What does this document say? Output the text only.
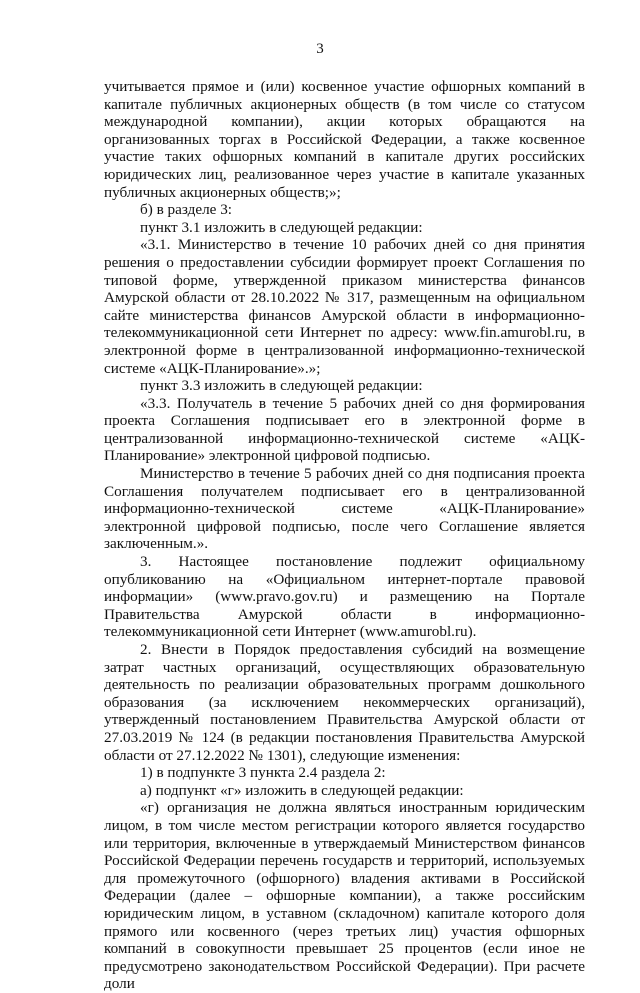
3

учитывается прямое и (или) косвенное участие офшорных компаний в капитале публичных акционерных обществ (в том числе со статусом международной компании), акции которых обращаются на организованных торгах в Российской Федерации, а также косвенное участие таких офшорных компаний в капитале других российских юридических лиц, реализованное через участие в капитале указанных публичных акционерных обществ;»;

б) в разделе 3:

пункт 3.1 изложить в следующей редакции:

«3.1. Министерство в течение 10 рабочих дней со дня принятия решения о предоставлении субсидии формирует проект Соглашения по типовой форме, утвержденной приказом министерства финансов Амурской области от 28.10.2022 № 317, размещенным на официальном сайте министерства финансов Амурской области в информационно-телекоммуникационной сети Интернет по адресу: www.fin.amurobl.ru, в электронной форме в централизованной информационно-технической системе «АЦК-Планирование».»;

пункт 3.3 изложить в следующей редакции:

«3.3. Получатель в течение 5 рабочих дней со дня формирования проекта Соглашения подписывает его в электронной форме в централизованной информационно-технической системе «АЦК-Планирование» электронной цифровой подписью.

Министерство в течение 5 рабочих дней со дня подписания проекта Соглашения получателем подписывает его в централизованной информационно-технической системе «АЦК-Планирование» электронной цифровой подписью, после чего Соглашение является заключенным.».

3. Настоящее постановление подлежит официальному опубликованию на «Официальном интернет-портале правовой информации» (www.pravo.gov.ru) и размещению на Портале Правительства Амурской области в информационно-телекоммуникационной сети Интернет (www.amurobl.ru).

2. Внести в Порядок предоставления субсидий на возмещение затрат частных организаций, осуществляющих образовательную деятельность по реализации образовательных программ дошкольного образования (за исключением некоммерческих организаций), утвержденный постановлением Правительства Амурской области от 27.03.2019 № 124 (в редакции постановления Правительства Амурской области от 27.12.2022 № 1301), следующие изменения:

1) в подпункте 3 пункта 2.4 раздела 2:

а) подпункт «г» изложить в следующей редакции:

«г) организация не должна являться иностранным юридическим лицом, в том числе местом регистрации которого является государство или территория, включенные в утверждаемый Министерством финансов Российской Федерации перечень государств и территорий, используемых для промежуточного (офшорного) владения активами в Российской Федерации (далее – офшорные компании), а также российским юридическим лицом, в уставном (складочном) капитале которого доля прямого или косвенного (через третьих лиц) участия офшорных компаний в совокупности превышает 25 процентов (если иное не предусмотрено законодательством Российской Федерации). При расчете доли
